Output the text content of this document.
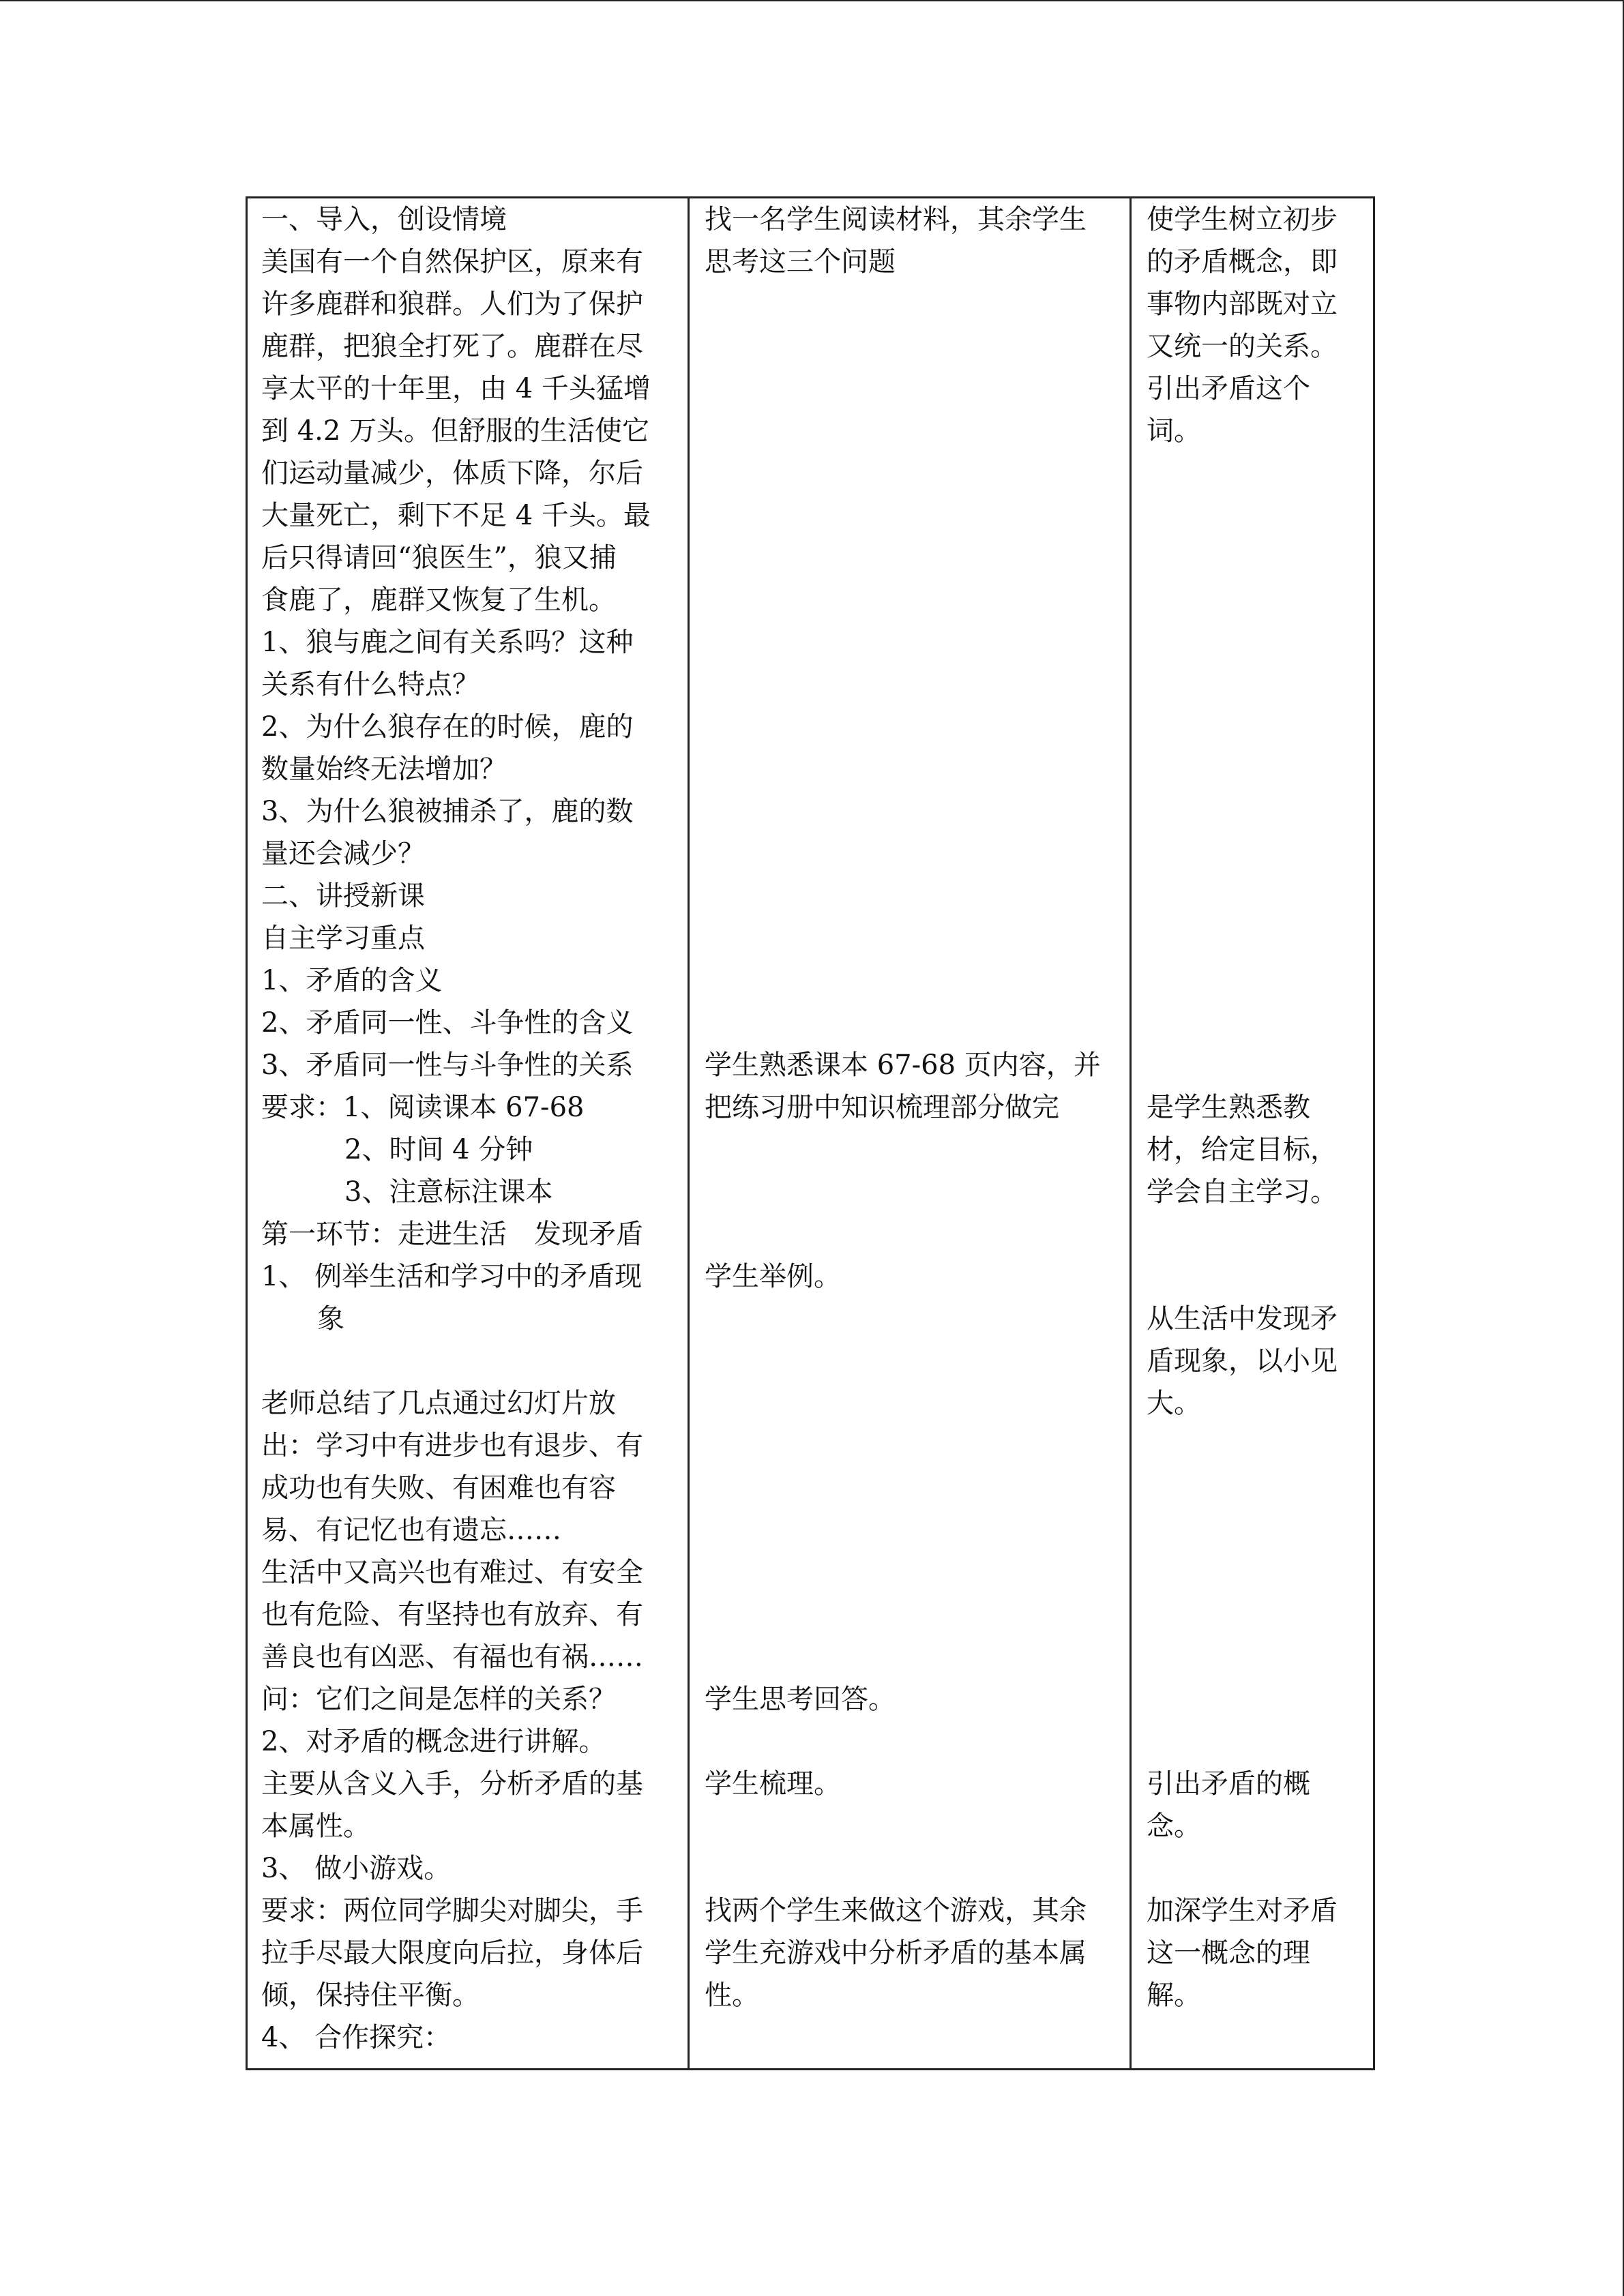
一、导入，创设情境
美国有一个自然保护区，原来有
许多鹿群和狼群。人们为了保护
鹿群，把狼全打死了。鹿群在尽
享太平的十年里，由 4 千头猛增
到 4.2 万头。但舒服的生活使它
们运动量减少，体质下降，尔后
大量死亡，剩下不足 4 千头。最
后只得请回“狼医生”，狼又捕
食鹿了，鹿群又恢复了生机。
1、狼与鹿之间有关系吗？这种
关系有什么特点？
2、为什么狼存在的时候，鹿的
数量始终无法增加？
3、为什么狼被捕杀了，鹿的数
量还会减少？
二、讲授新课
自主学习重点
1、矛盾的含义
2、矛盾同一性、斗争性的含义
3、矛盾同一性与斗争性的关系
要求：1、阅读课本 67-68
2、时间 4 分钟
3、注意标注课本
第一环节：走进生活　发现矛盾
1、 例举生活和学习中的矛盾现
象
老师总结了几点通过幻灯片放
出：学习中有进步也有退步、有
成功也有失败、有困难也有容
易、有记忆也有遗忘……
生活中又高兴也有难过、有安全
也有危险、有坚持也有放弃、有
善良也有凶恶、有福也有祸……
问：它们之间是怎样的关系？
2、对矛盾的概念进行讲解。
主要从含义入手，分析矛盾的基
本属性。
3、 做小游戏。
要求：两位同学脚尖对脚尖，手
拉手尽最大限度向后拉，身体后
倾，保持住平衡。
4、 合作探究：
找一名学生阅读材料，其余学生
思考这三个问题
学生熟悉课本 67-68 页内容，并
把练习册中知识梳理部分做完
学生举例。
学生思考回答。
学生梳理。
找两个学生来做这个游戏，其余
学生充游戏中分析矛盾的基本属
性。
使学生树立初步
的矛盾概念，即
事物内部既对立
又统一的关系。
引出矛盾这个
词。
是学生熟悉教
材，给定目标，
学会自主学习。
从生活中发现矛
盾现象，以小见
大。
引出矛盾的概
念。
加深学生对矛盾
这一概念的理
解。
